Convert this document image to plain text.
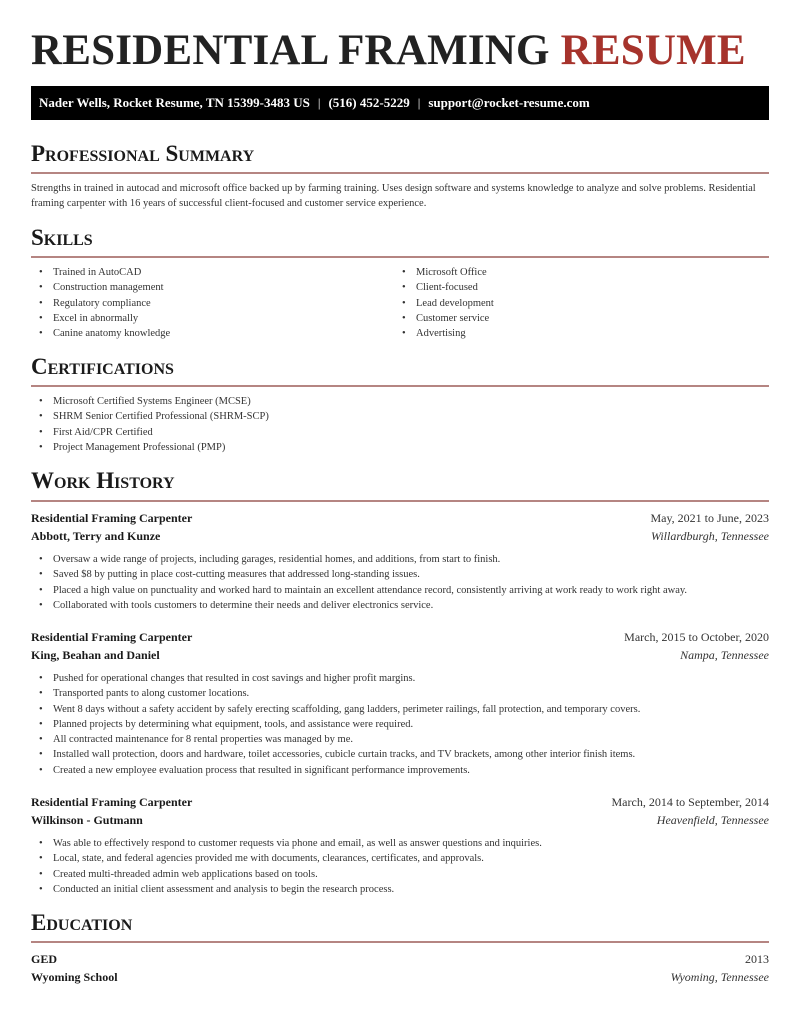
RESIDENTIAL FRAMING RESUME
Nader Wells, Rocket Resume, TN 15399-3483 US | (516) 452-5229 | support@rocket-resume.com
Professional Summary

Strengths in trained in autocad and microsoft office backed up by farming training. Uses design software and systems knowledge to analyze and solve problems. Residential framing carpenter with 16 years of successful client-focused and customer service experience.

Skills
• Trained in AutoCAD
• Construction management
• Regulatory compliance
• Excel in abnormally
• Canine anatomy knowledge
• Microsoft Office
• Client-focused
• Lead development
• Customer service
• Advertising
Certifications
• Microsoft Certified Systems Engineer (MCSE)
• SHRM Senior Certified Professional (SHRM-SCP)
• First Aid/CPR Certified
• Project Management Professional (PMP)
Work History
Residential Framing Carpenter	May, 2021 to June, 2023
Abbott, Terry and Kunze	Willardburgh, Tennessee
• Oversaw a wide range of projects, including garages, residential homes, and additions, from start to finish.
• Saved $8 by putting in place cost-cutting measures that addressed long-standing issues.
• Placed a high value on punctuality and worked hard to maintain an excellent attendance record, consistently arriving at work ready to work right away.
• Collaborated with tools customers to determine their needs and deliver electronics service.
Residential Framing Carpenter	March, 2015 to October, 2020
King, Beahan and Daniel	Nampa, Tennessee
• Pushed for operational changes that resulted in cost savings and higher profit margins.
• Transported pants to along customer locations.
• Went 8 days without a safety accident by safely erecting scaffolding, gang ladders, perimeter railings, fall protection, and temporary covers.
• Planned projects by determining what equipment, tools, and assistance were required.
• All contracted maintenance for 8 rental properties was managed by me.
• Installed wall protection, doors and hardware, toilet accessories, cubicle curtain tracks, and TV brackets, among other interior finish items.
• Created a new employee evaluation process that resulted in significant performance improvements.
Residential Framing Carpenter	March, 2014 to September, 2014
Wilkinson - Gutmann	Heavenfield, Tennessee
• Was able to effectively respond to customer requests via phone and email, as well as answer questions and inquiries.
• Local, state, and federal agencies provided me with documents, clearances, certificates, and approvals.
• Created multi-threaded admin web applications based on tools.
• Conducted an initial client assessment and analysis to begin the research process.
Education
GED	2013
Wyoming School	Wyoming, Tennessee
